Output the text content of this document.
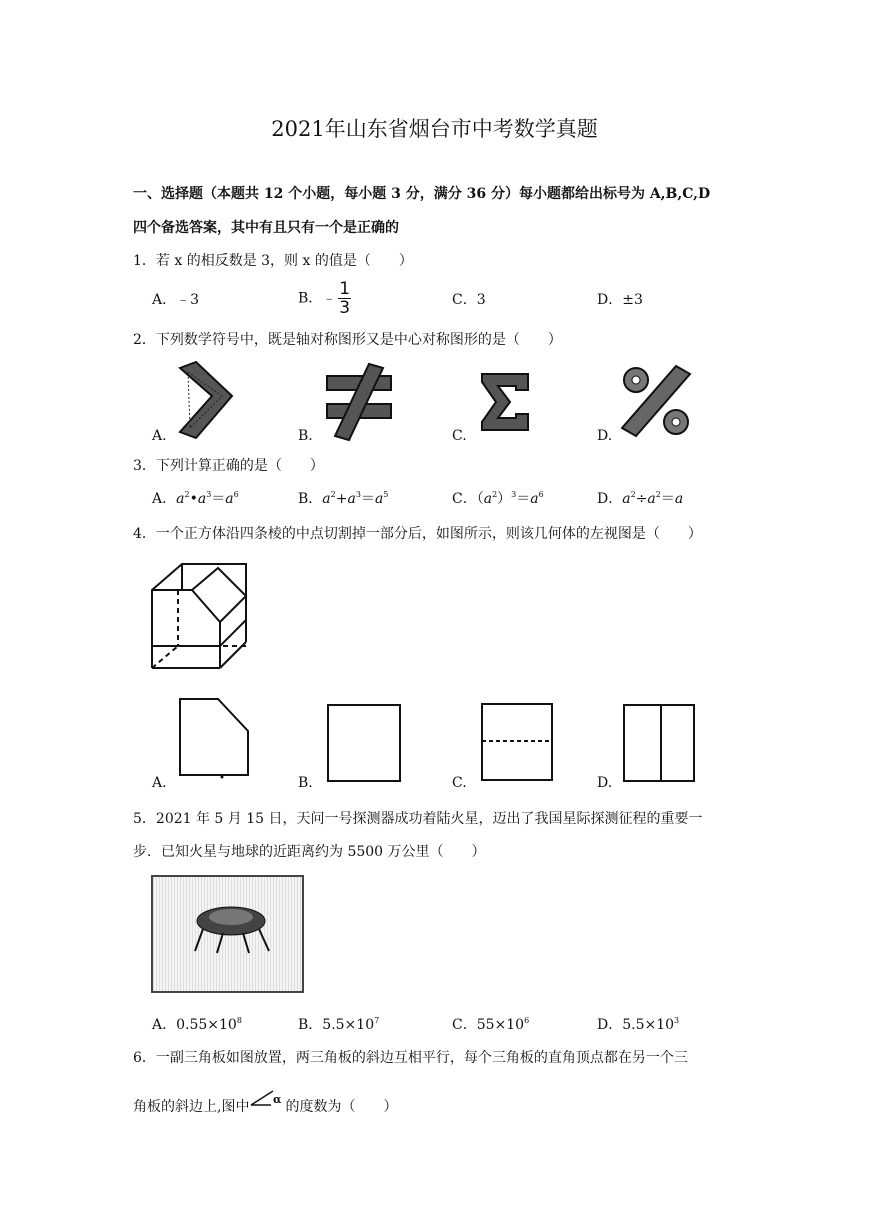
2021年山东省烟台市中考数学真题
一、选择题（本题共 12 个小题，每小题 3 分，满分 36 分）每小题都给出标号为 A,B,C,D
四个备选答案，其中有且只有一个是正确的
1．若 x 的相反数是 3，则 x 的值是（　　）
A．﹣3	B．﹣ $\frac{1}{3}$	C．3	D．±3
2．下列数学符号中，既是轴对称图形又是中心对称图形的是（　　）
A.	B.	C.	D.
3．下列计算正确的是（　　）
A．$a^2•a^3=a^6$	B．$a^2+a^3=a^5$	C．$(a^2)^3=a^6$	D．$a^2\div a^2=a$
4．一个正方体沿四条棱的中点切割掉一部分后，如图所示，则该几何体的左视图是（　　）
A.	B.	C.	D.
5．2021 年 5 月 15 日，天问一号探测器成功着陆火星，迈出了我国星际探测征程的重要一
步．已知火星与地球的近距离约为 5500 万公里（　　）
A．$0.55\times 10^8$	B．$5.5\times 10^7$	C．$55\times 10^6$	D．$5.5\times 10^3$
6．一副三角板如图放置，两三角板的斜边互相平行，每个三角板的直角顶点都在另一个三
角板的斜边上,图中 α 的度数为（　　）
